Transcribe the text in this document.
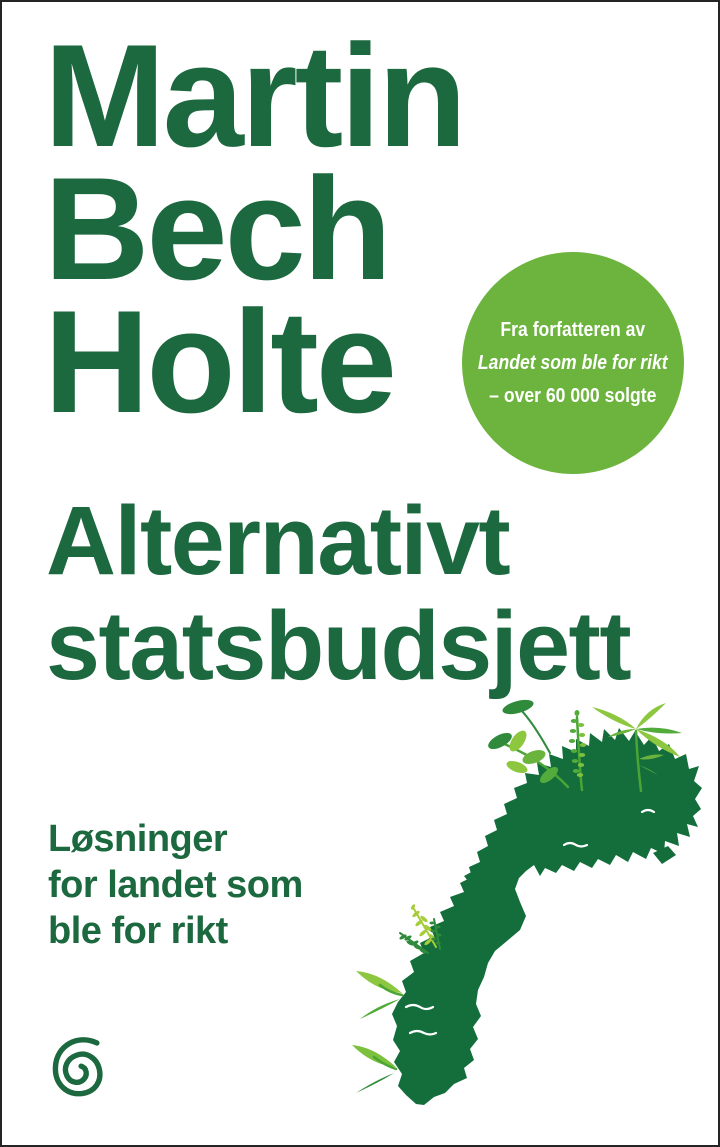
Martin
Bech
Holte	Fra forfatteren av
Landet som ble for rikt
– over 60 000 solgte
Alternativt
statsbudsjett
Løsninger
for landet som
ble for rikt
